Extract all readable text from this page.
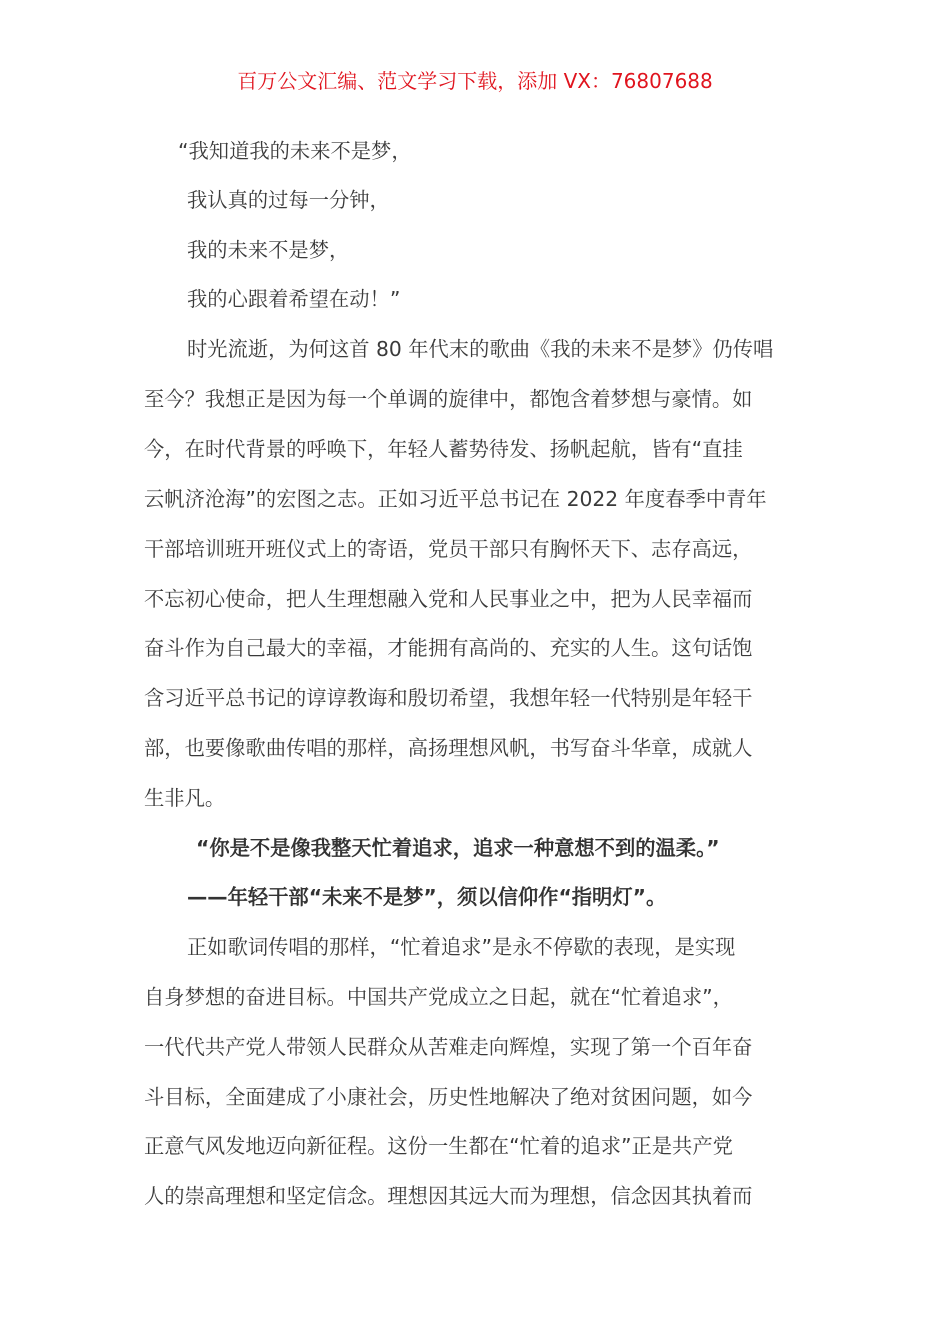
百万公文汇编、范文学习下载，添加 VX：76807688
“我知道我的未来不是梦，
我认真的过每一分钟，
我的未来不是梦，
我的心跟着希望在动！”
时光流逝，为何这首 80 年代末的歌曲《我的未来不是梦》仍传唱
至今？我想正是因为每一个单调的旋律中，都饱含着梦想与豪情。如
今，在时代背景的呼唤下，年轻人蓄势待发、扬帆起航，皆有“直挂
云帆济沧海”的宏图之志。正如习近平总书记在 2022 年度春季中青年
干部培训班开班仪式上的寄语，党员干部只有胸怀天下、志存高远，
不忘初心使命，把人生理想融入党和人民事业之中，把为人民幸福而
奋斗作为自己最大的幸福，才能拥有高尚的、充实的人生。这句话饱
含习近平总书记的谆谆教诲和殷切希望，我想年轻一代特别是年轻干
部，也要像歌曲传唱的那样，高扬理想风帆，书写奋斗华章，成就人
生非凡。
“你是不是像我整天忙着追求，追求一种意想不到的温柔。”
——年轻干部“未来不是梦”，须以信仰作“指明灯”。
正如歌词传唱的那样，“忙着追求”是永不停歇的表现，是实现
自身梦想的奋进目标。中国共产党成立之日起，就在“忙着追求”，
一代代共产党人带领人民群众从苦难走向辉煌，实现了第一个百年奋
斗目标，全面建成了小康社会，历史性地解决了绝对贫困问题，如今
正意气风发地迈向新征程。这份一生都在“忙着的追求”正是共产党
人的崇高理想和坚定信念。理想因其远大而为理想，信念因其执着而
